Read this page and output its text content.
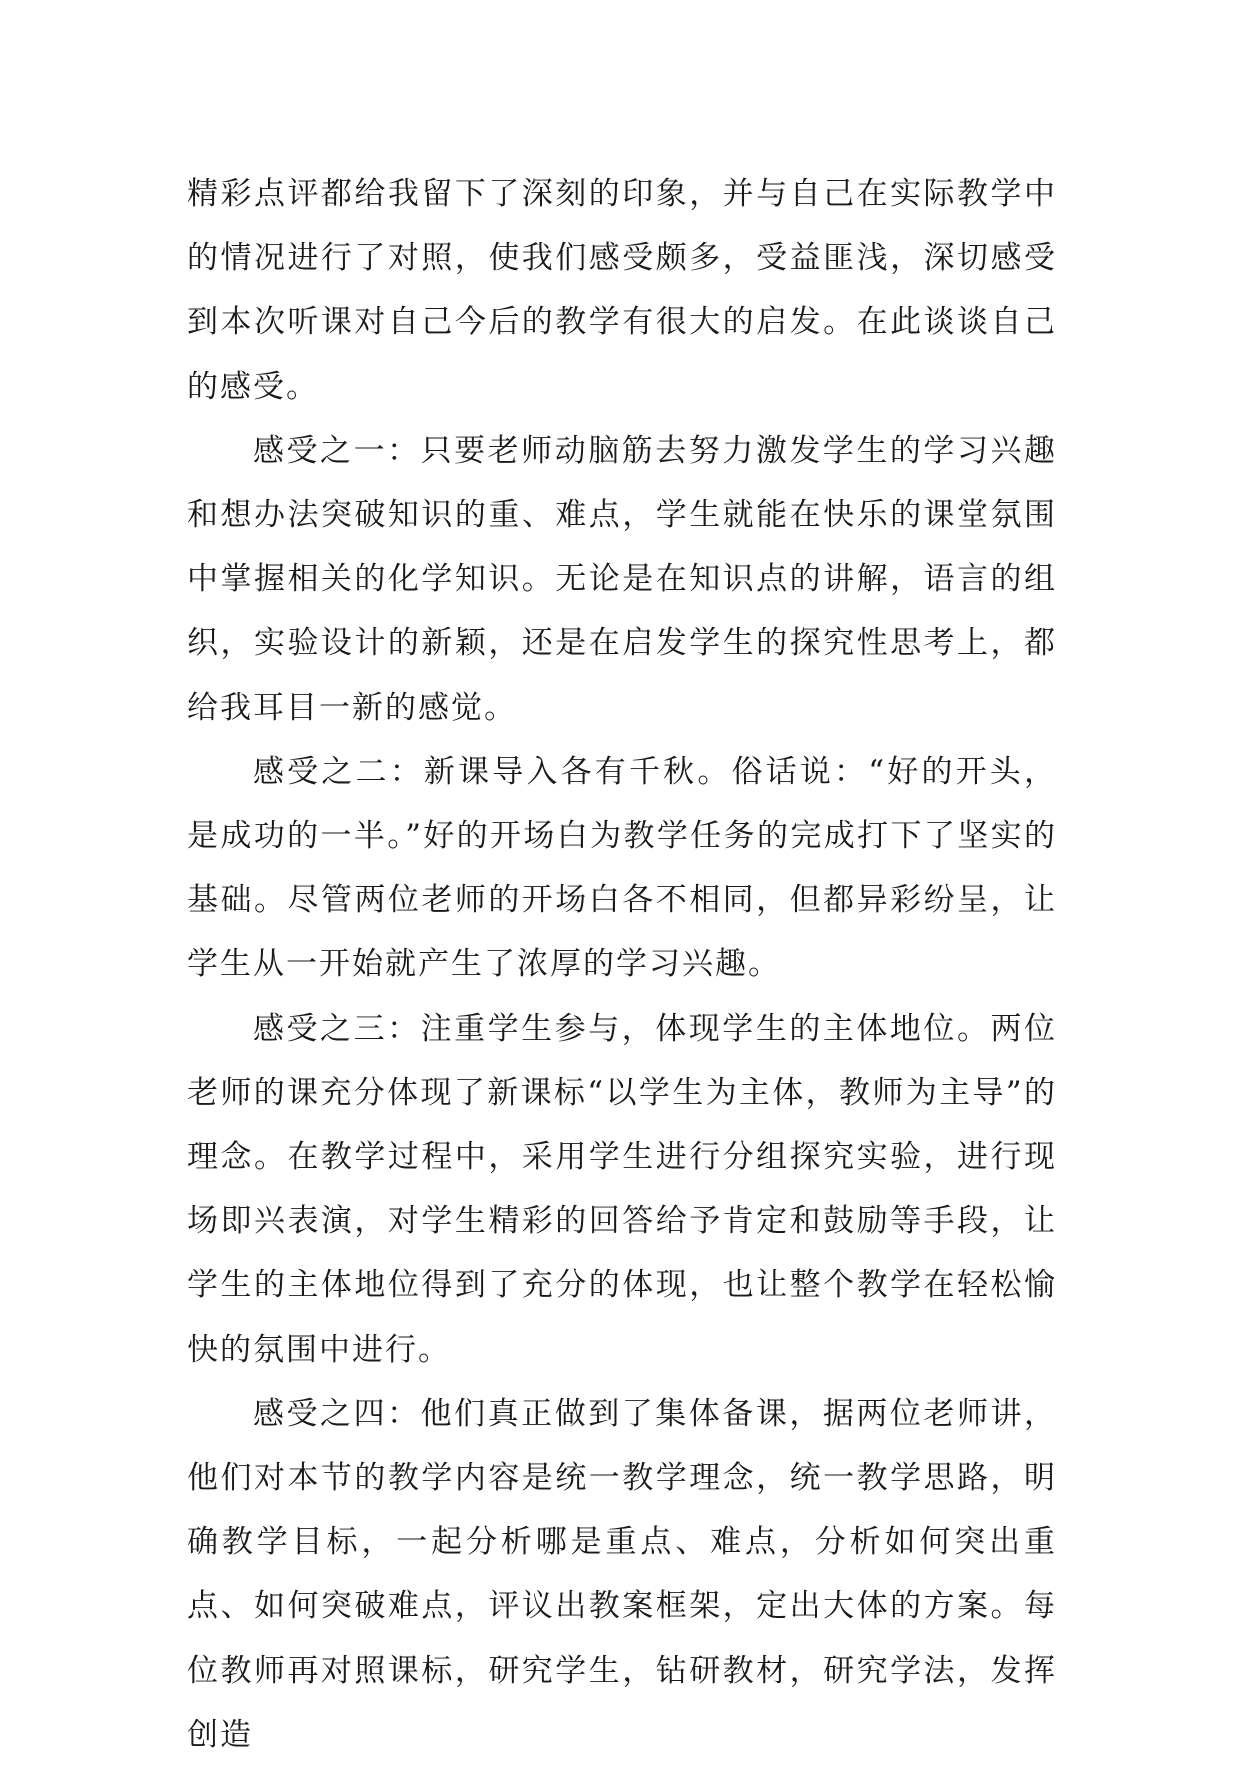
精彩点评都给我留下了深刻的印象，并与自己在实际教学中的情况进行了对照，使我们感受颇多，受益匪浅，深切感受到本次听课对自己今后的教学有很大的启发。在此谈谈自己的感受。

感受之一：只要老师动脑筋去努力激发学生的学习兴趣和想办法突破知识的重、难点，学生就能在快乐的课堂氛围中掌握相关的化学知识。无论是在知识点的讲解，语言的组织，实验设计的新颖，还是在启发学生的探究性思考上，都给我耳目一新的感觉。

感受之二：新课导入各有千秋。俗话说：“好的开头，是成功的一半。”好的开场白为教学任务的完成打下了坚实的基础。尽管两位老师的开场白各不相同，但都异彩纷呈，让学生从一开始就产生了浓厚的学习兴趣。

感受之三：注重学生参与，体现学生的主体地位。两位老师的课充分体现了新课标“以学生为主体，教师为主导”的理念。在教学过程中，采用学生进行分组探究实验，进行现场即兴表演，对学生精彩的回答给予肯定和鼓励等手段，让学生的主体地位得到了充分的体现，也让整个教学在轻松愉快的氛围中进行。

感受之四：他们真正做到了集体备课，据两位老师讲，他们对本节的教学内容是统一教学理念，统一教学思路，明确教学目标，一起分析哪是重点、难点，分析如何突出重点、如何突破难点，评议出教案框架，定出大体的方案。每位教师再对照课标，研究学生，钻研教材，研究学法，发挥创造
